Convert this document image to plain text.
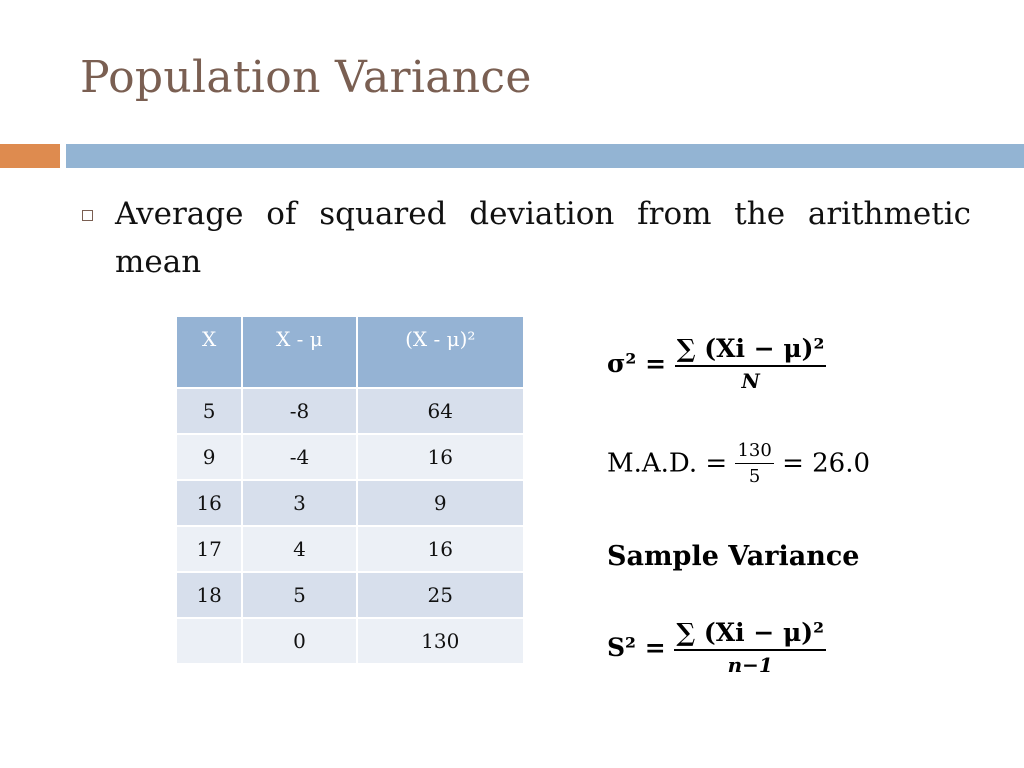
Population Variance
Average of squared deviation from the arithmetic mean
X	X - μ	(X - μ)²
5	-8	64
9	-4	16
16	3	9
17	4	16
18	5	25
	0	130
$\sigma^2 = \frac{\text{∑ (Xi − μ)²}}{N}$
M.A.D. = $\frac{130}{5} = 26.0$
Sample Variance
$S^2 = \frac{\text{∑ (Xi − μ)²}}{n-1}$
